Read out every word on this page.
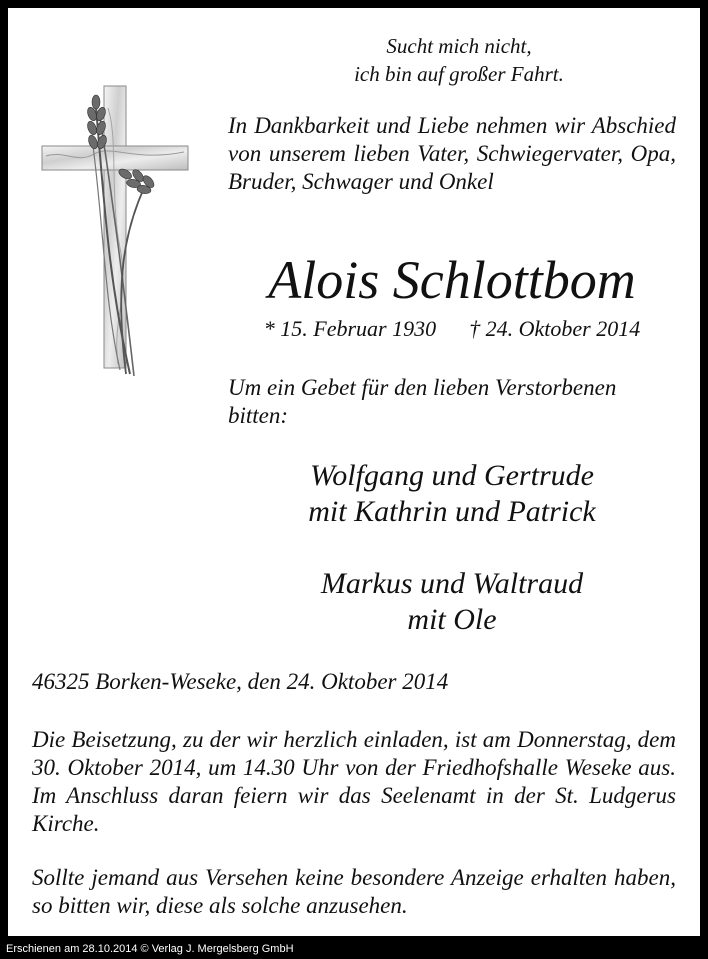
Sucht mich nicht,
ich bin auf großer Fahrt.
In Dankbarkeit und Liebe nehmen wir Abschied von unserem lieben Vater, Schwiegervater, Opa, Bruder, Schwager und Onkel
Alois Schlottbom
* 15. Februar 1930 † 24. Oktober 2014
Um ein Gebet für den lieben Verstorbenen bitten:
Wolfgang und Gertrude
mit Kathrin und Patrick
Markus und Waltraud
mit Ole
46325 Borken-Weseke, den 24. Oktober 2014
Die Beisetzung, zu der wir herzlich einladen, ist am Donnerstag, dem 30. Oktober 2014, um 14.30 Uhr von der Friedhofshalle Weseke aus. Im Anschluss daran feiern wir das Seelenamt in der St. Ludgerus Kirche.
Sollte jemand aus Versehen keine besondere Anzeige erhalten haben, so bitten wir, diese als solche anzusehen.
Erschienen am 28.10.2014 © Verlag J. Mergelsberg GmbH
